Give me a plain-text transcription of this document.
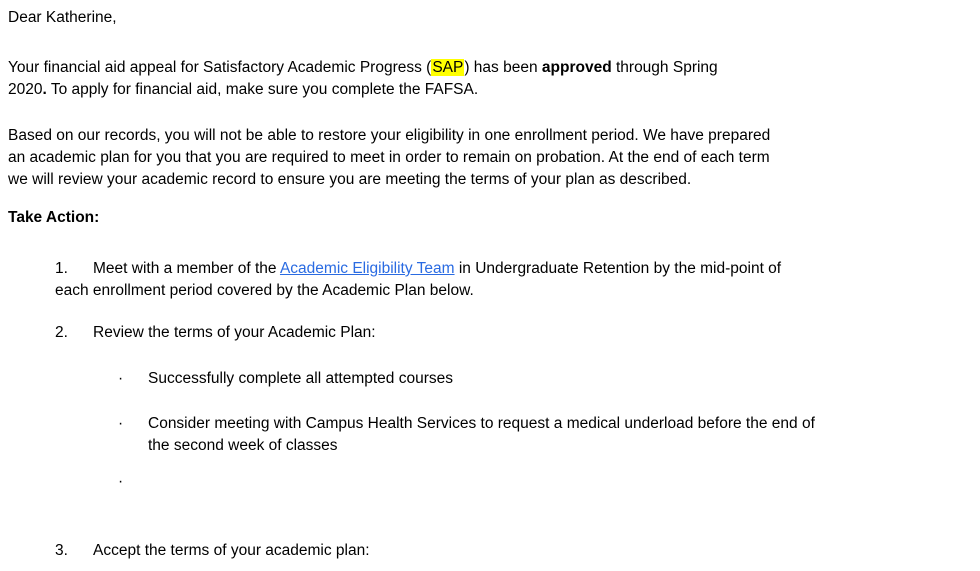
Dear Katherine,
Your financial aid appeal for Satisfactory Academic Progress (SAP) has been approved through Spring
2020. To apply for financial aid, make sure you complete the FAFSA.
Based on our records, you will not be able to restore your eligibility in one enrollment period. We have prepared
an academic plan for you that you are required to meet in order to remain on probation. At the end of each term
we will review your academic record to ensure you are meeting the terms of your plan as described.
Take Action:
1. Meet with a member of the Academic Eligibility Team in Undergraduate Retention by the mid-point of
each enrollment period covered by the Academic Plan below.
2. Review the terms of your Academic Plan:
· Successfully complete all attempted courses
· Consider meeting with Campus Health Services to request a medical underload before the end of
the second week of classes
·
3. Accept the terms of your academic plan:
